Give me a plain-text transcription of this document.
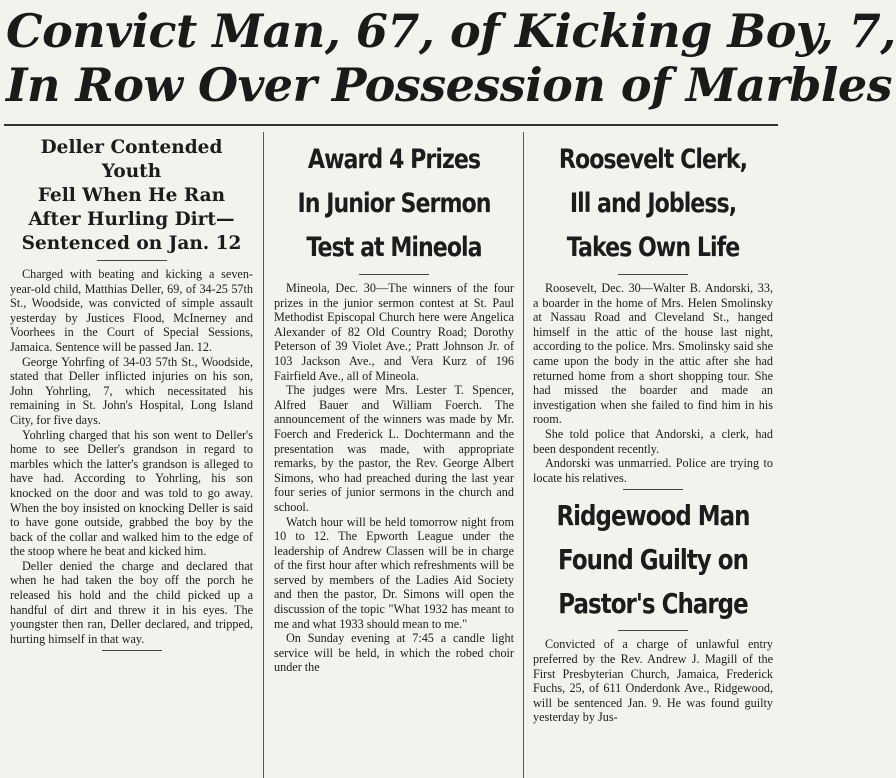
Convict Man, 67, of Kicking Boy, 7,
In Row Over Possession of Marbles
Deller Contended Youth
Fell When He Ran
After Hurling Dirt—
Sentenced on Jan. 12

Charged with beating and kicking a seven-year-old child, Matthias Deller, 69, of 34-25 57th St., Woodside, was convicted of simple assault yesterday by Justices Flood, McInerney and Voorhees in the Court of Special Sessions, Jamaica. Sentence will be passed Jan. 12.

George Yohrfing of 34-03 57th St., Woodside, stated that Deller inflicted injuries on his son, John Yohrling, 7, which necessitated his remaining in St. John's Hospital, Long Island City, for five days.

Yohrling charged that his son went to Deller's home to see Deller's grandson in regard to marbles which the latter's grandson is alleged to have had. According to Yohrling, his son knocked on the door and was told to go away. When the boy insisted on knocking Deller is said to have gone outside, grabbed the boy by the back of the collar and walked him to the edge of the stoop where he beat and kicked him.

Deller denied the charge and declared that when he had taken the boy off the porch he released his hold and the child picked up a handful of dirt and threw it in his eyes. The youngster then ran, Deller declared, and tripped, hurting himself in that way.

Award 4 Prizes
In Junior Sermon
Test at Mineola

Mineola, Dec. 30—The winners of the four prizes in the junior sermon contest at St. Paul Methodist Episcopal Church here were Angelica Alexander of 82 Old Country Road; Dorothy Peterson of 39 Violet Ave.; Pratt Johnson Jr. of 103 Jackson Ave., and Vera Kurz of 196 Fairfield Ave., all of Mineola.

The judges were Mrs. Lester T. Spencer, Alfred Bauer and William Foerch. The announcement of the winners was made by Mr. Foerch and Frederick L. Dochtermann and the presentation was made, with appropriate remarks, by the pastor, the Rev. George Albert Simons, who had preached during the last year four series of junior sermons in the church and school.

Watch hour will be held tomorrow night from 10 to 12. The Epworth League under the leadership of Andrew Classen will be in charge of the first hour after which refreshments will be served by members of the Ladies Aid Society and then the pastor, Dr. Simons will open the discussion of the topic "What 1932 has meant to me and what 1933 should mean to me."

On Sunday evening at 7:45 a candle light service will be held, in which the robed choir under the

Roosevelt Clerk,
Ill and Jobless,
Takes Own Life

Roosevelt, Dec. 30—Walter B. Andorski, 33, a boarder in the home of Mrs. Helen Smolinsky at Nassau Road and Cleveland St., hanged himself in the attic of the house last night, according to the police. Mrs. Smolinsky said she came upon the body in the attic after she had returned home from a short shopping tour. She had missed the boarder and made an investigation when she failed to find him in his room.

She told police that Andorski, a clerk, had been despondent recently.

Andorski was unmarried. Police are trying to locate his relatives.

Ridgewood Man
Found Guilty on
Pastor's Charge

Convicted of a charge of unlawful entry preferred by the Rev. Andrew J. Magill of the First Presbyterian Church, Jamaica, Frederick Fuchs, 25, of 611 Onderdonk Ave., Ridgewood, will be sentenced Jan. 9. He was found guilty yesterday by Jus-
